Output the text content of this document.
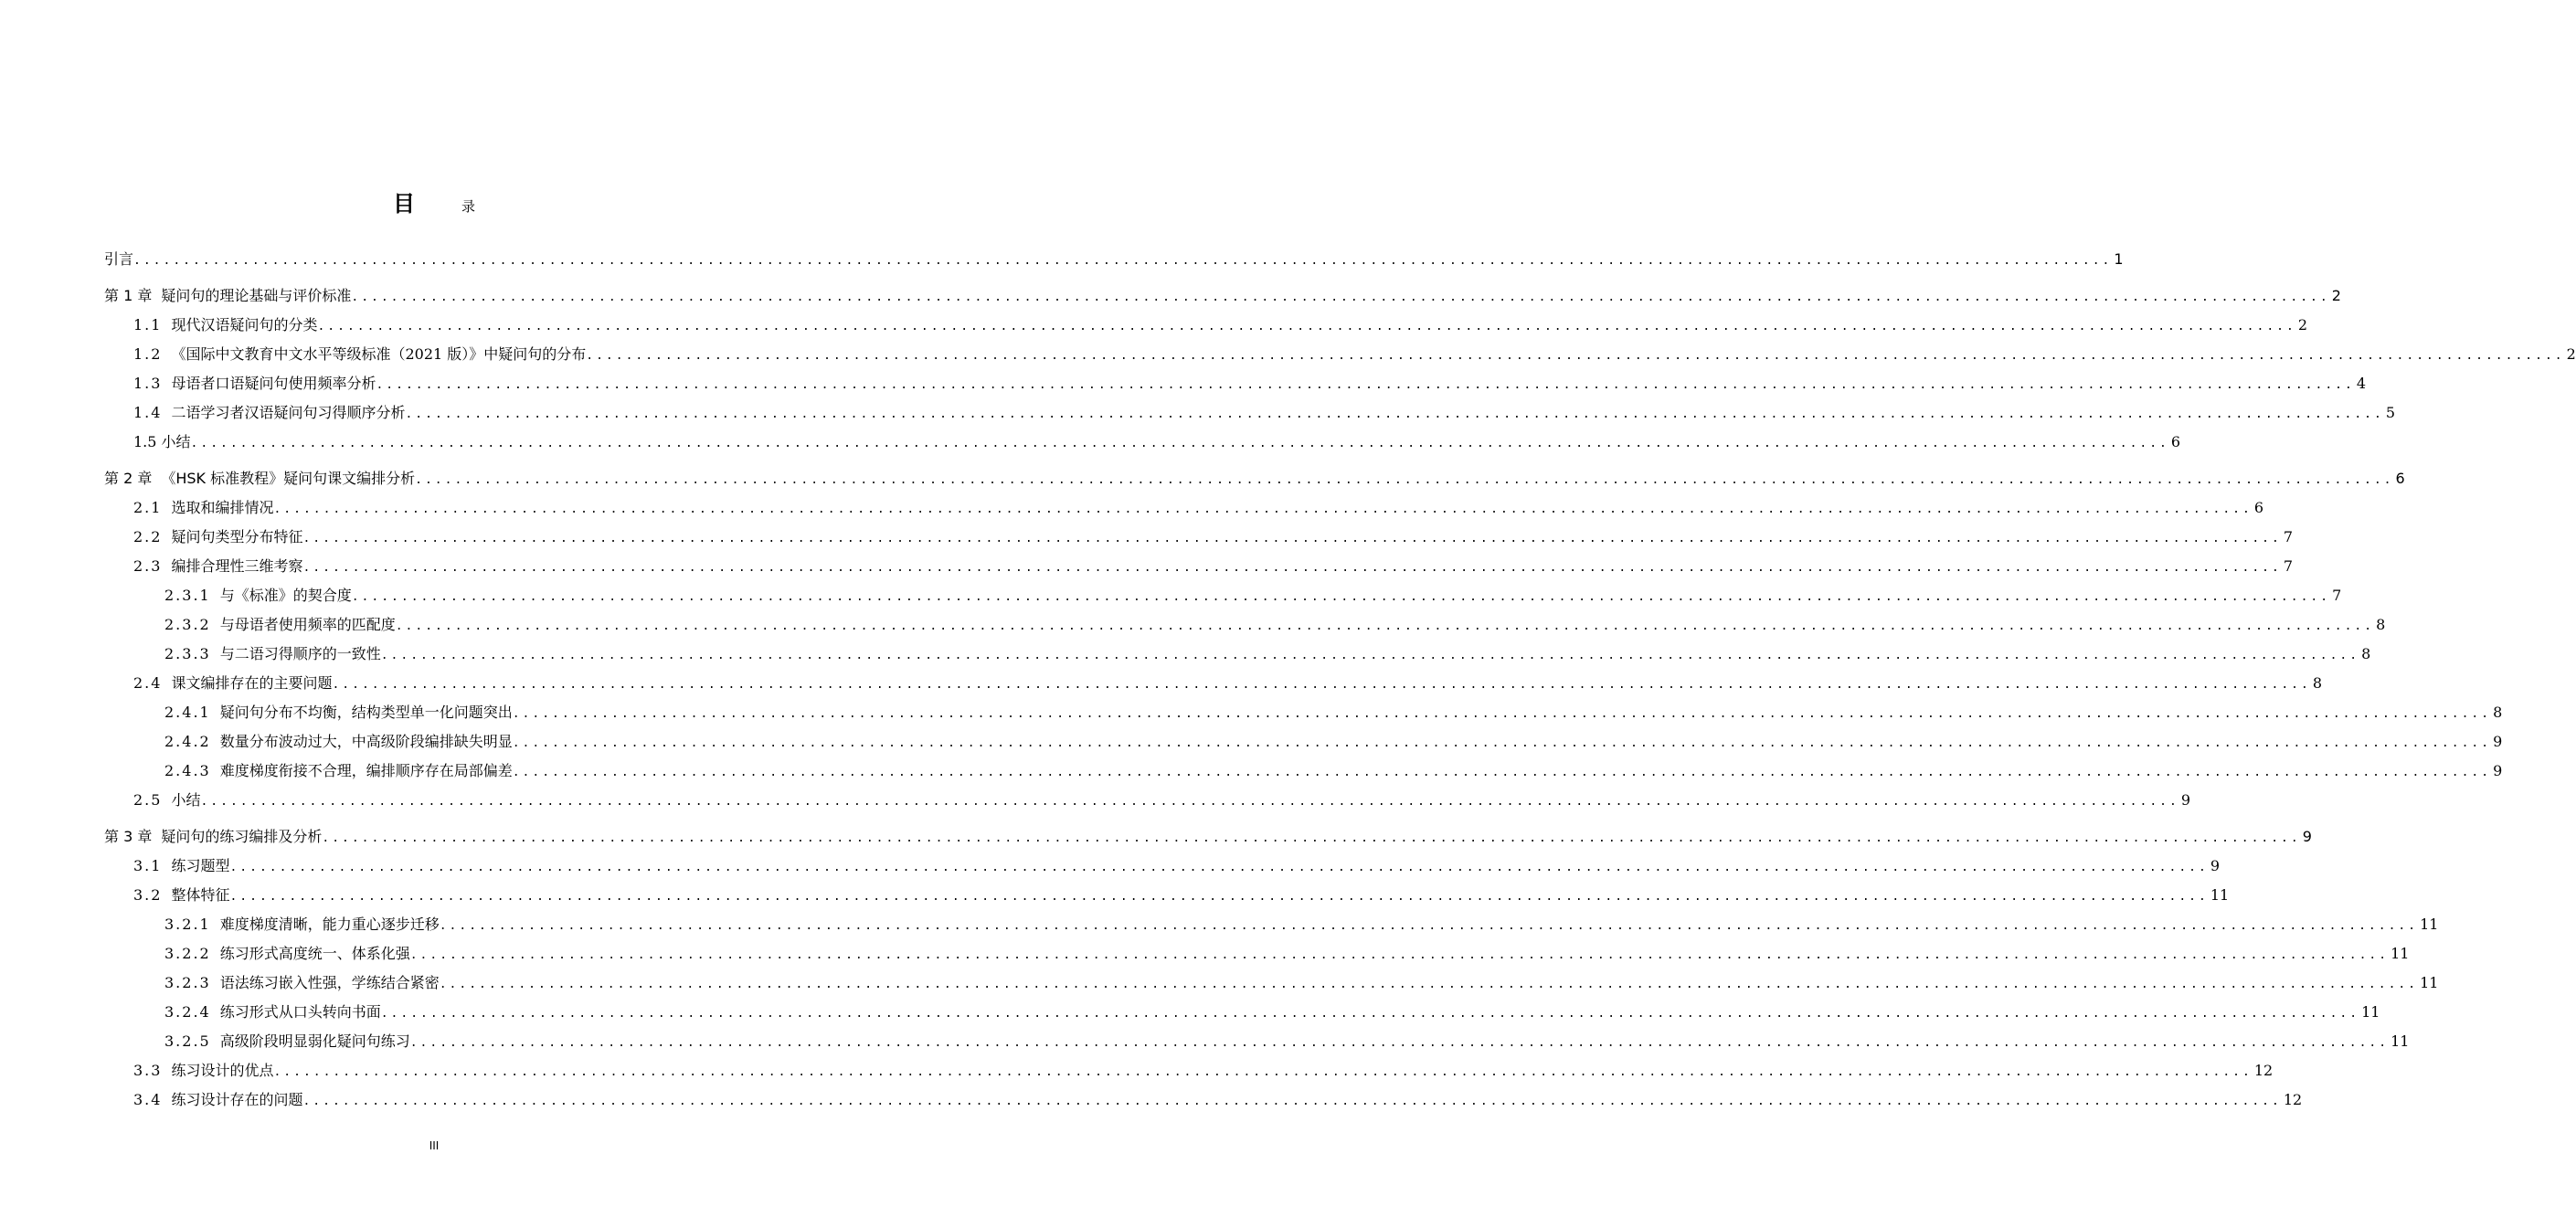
目	录
引言 ........................................................................................................................................................................................................ 1
第 1 章 疑问句的理论基础与评价标准 ........................................................................................................................................................................................................ 2
1.1 现代汉语疑问句的分类 ........................................................................................................................................................................................................ 2
1.2 《国际中文教育中文水平等级标准（2021 版）》中疑问句的分布 ........................................................................................................................................................................................................ 2
1.3 母语者口语疑问句使用频率分析 ........................................................................................................................................................................................................ 4
1.4 二语学习者汉语疑问句习得顺序分析 ........................................................................................................................................................................................................ 5
1.5 小结 ........................................................................................................................................................................................................ 6
第 2 章 《HSK 标准教程》疑问句课文编排分析 ........................................................................................................................................................................................................ 6
2.1 选取和编排情况 ........................................................................................................................................................................................................ 6
2.2 疑问句类型分布特征 ........................................................................................................................................................................................................ 7
2.3 编排合理性三维考察 ........................................................................................................................................................................................................ 7
2.3.1 与《标准》的契合度 ........................................................................................................................................................................................................ 7
2.3.2 与母语者使用频率的匹配度 ........................................................................................................................................................................................................ 8
2.3.3 与二语习得顺序的一致性 ........................................................................................................................................................................................................ 8
2.4 课文编排存在的主要问题 ........................................................................................................................................................................................................ 8
2.4.1 疑问句分布不均衡，结构类型单一化问题突出 ........................................................................................................................................................................................................ 8
2.4.2 数量分布波动过大，中高级阶段编排缺失明显 ........................................................................................................................................................................................................ 9
2.4.3 难度梯度衔接不合理，编排顺序存在局部偏差 ........................................................................................................................................................................................................ 9
2.5 小结 ........................................................................................................................................................................................................ 9
第 3 章 疑问句的练习编排及分析 ........................................................................................................................................................................................................ 9
3.1 练习题型 ........................................................................................................................................................................................................ 9
3.2 整体特征 ........................................................................................................................................................................................................ 11
3.2.1 难度梯度清晰，能力重心逐步迁移 ........................................................................................................................................................................................................ 11
3.2.2 练习形式高度统一、体系化强 ........................................................................................................................................................................................................ 11
3.2.3 语法练习嵌入性强，学练结合紧密 ........................................................................................................................................................................................................ 11
3.2.4 练习形式从口头转向书面 ........................................................................................................................................................................................................ 11
3.2.5 高级阶段明显弱化疑问句练习 ........................................................................................................................................................................................................ 11
3.3 练习设计的优点 ........................................................................................................................................................................................................ 12
3.4 练习设计存在的问题 ........................................................................................................................................................................................................ 12
III
